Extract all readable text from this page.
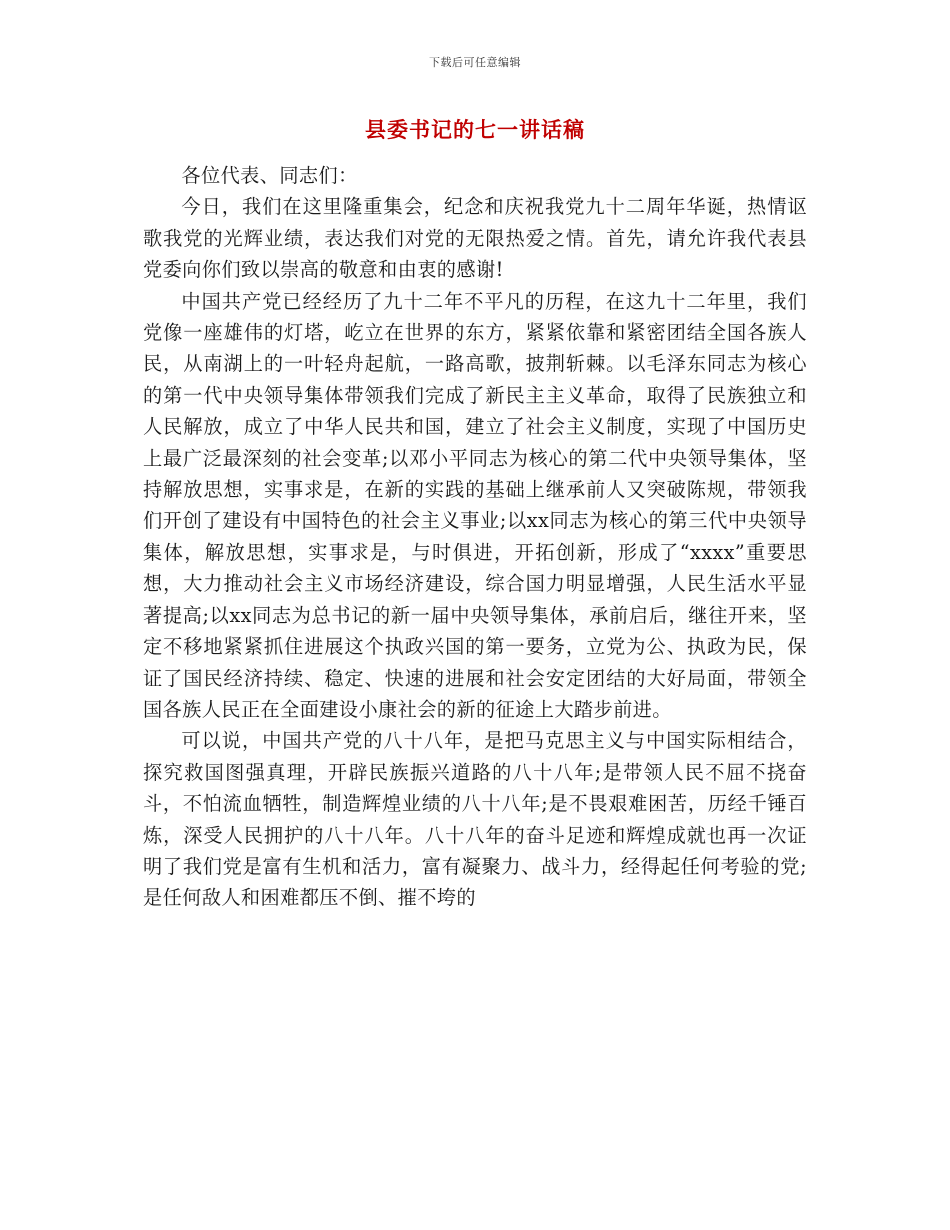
下载后可任意编辑
县委书记的七一讲话稿

各位代表、同志们：

今日，我们在这里隆重集会，纪念和庆祝我党九十二周年华诞，热情讴歌我党的光辉业绩，表达我们对党的无限热爱之情。首先，请允许我代表县党委向你们致以崇高的敬意和由衷的感谢!

中国共产党已经经历了九十二年不平凡的历程，在这九十二年里，我们党像一座雄伟的灯塔，屹立在世界的东方，紧紧依靠和紧密团结全国各族人民，从南湖上的一叶轻舟起航，一路高歌，披荆斩棘。以毛泽东同志为核心的第一代中央领导集体带领我们完成了新民主主义革命，取得了民族独立和人民解放，成立了中华人民共和国，建立了社会主义制度，实现了中国历史上最广泛最深刻的社会变革;以邓小平同志为核心的第二代中央领导集体，坚持解放思想，实事求是，在新的实践的基础上继承前人又突破陈规，带领我们开创了建设有中国特色的社会主义事业;以xx同志为核心的第三代中央领导集体，解放思想，实事求是，与时俱进，开拓创新，形成了“xxxx”重要思想，大力推动社会主义市场经济建设，综合国力明显增强，人民生活水平显著提高;以xx同志为总书记的新一届中央领导集体，承前启后，继往开来，坚定不移地紧紧抓住进展这个执政兴国的第一要务，立党为公、执政为民，保证了国民经济持续、稳定、快速的进展和社会安定团结的大好局面，带领全国各族人民正在全面建设小康社会的新的征途上大踏步前进。

可以说，中国共产党的八十八年，是把马克思主义与中国实际相结合，探究救国图强真理，开辟民族振兴道路的八十八年;是带领人民不屈不挠奋斗，不怕流血牺牲，制造辉煌业绩的八十八年;是不畏艰难困苦，历经千锤百炼，深受人民拥护的八十八年。八十八年的奋斗足迹和辉煌成就也再一次证明了我们党是富有生机和活力，富有凝聚力、战斗力，经得起任何考验的党;是任何敌人和困难都压不倒、摧不垮的
